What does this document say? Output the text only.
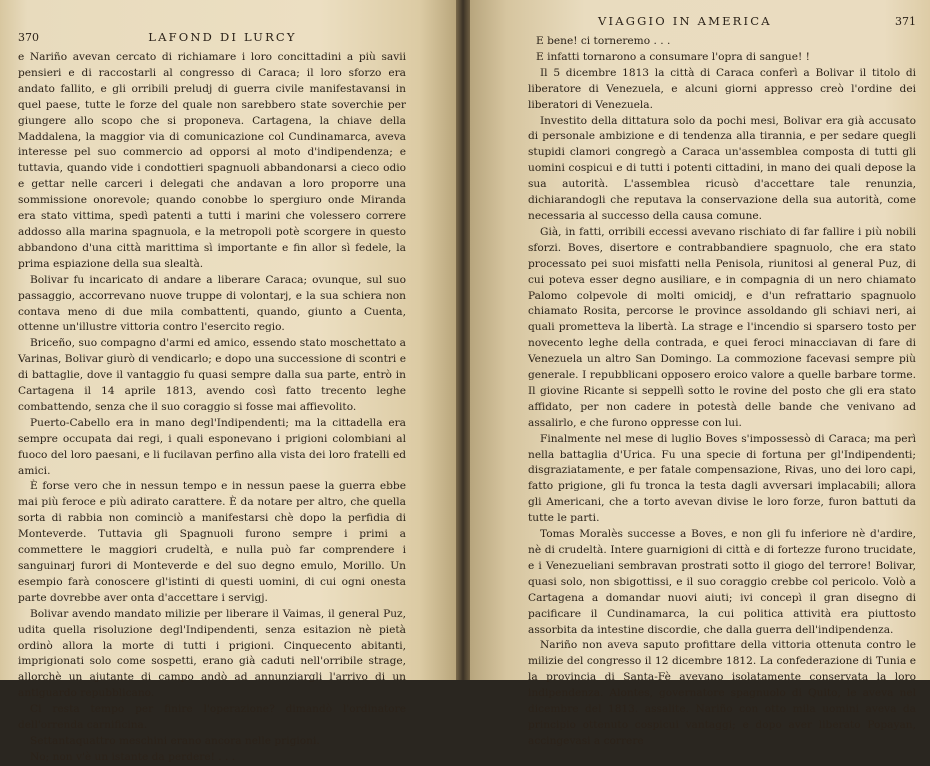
370	LAFOND DI LURCY

e Nariño avevan cercato di richiamare i loro concittadini a più savii pensieri e di raccostarli al congresso di Caraca; il loro sforzo era andato fallito, e gli orribili preludj di guerra civile manifestavansi in quel paese, tutte le forze del quale non sarebbero state soverchie per giungere allo scopo che si proponeva. Cartagena, la chiave della Maddalena, la maggior via di comunicazione col Cundinamarca, aveva interesse pel suo commercio ad opporsi al moto d'indipendenza; e tuttavia, quando vide i condottieri spagnuoli abbandonarsi a cieco odio e gettar nelle carceri i delegati che andavan a loro proporre una sommissione onorevole; quando conobbe lo spergiuro onde Miranda era stato vittima, spedì patenti a tutti i marini che volessero correre addosso alla marina spagnuola, e la metropoli potè scorgere in questo abbandono d'una città marittima sì importante e fin allor sì fedele, la prima espiazione della sua slealtà.

Bolivar fu incaricato di andare a liberare Caraca; ovunque, sul suo passaggio, accorrevano nuove truppe di volontarj, e la sua schiera non contava meno di due mila combattenti, quando, giunto a Cuenta, ottenne un'illustre vittoria contro l'esercito regio.

Briceño, suo compagno d'armi ed amico, essendo stato moschettato a Varinas, Bolivar giurò di vendicarlo; e dopo una successione di scontri e di battaglie, dove il vantaggio fu quasi sempre dalla sua parte, entrò in Cartagena il 14 aprile 1813, avendo così fatto trecento leghe combattendo, senza che il suo coraggio si fosse mai affievolito.

Puerto-Cabello era in mano degl'Indipendenti; ma la cittadella era sempre occupata dai regi, i quali esponevano i prigioni colombiani al fuoco del loro paesani, e li fucilavan perfino alla vista dei loro fratelli ed amici.

È forse vero che in nessun tempo e in nessun paese la guerra ebbe mai più feroce e più adirato carattere. È da notare per altro, che quella sorta di rabbia non cominciò a manifestarsi chè dopo la perfidia di Monteverde. Tuttavia gli Spagnuoli furono sempre i primi a commettere le maggiori crudeltà, e nulla può far comprendere i sanguinarj furori di Monteverde e del suo degno emulo, Morillo. Un esempio farà conoscere gl'istinti di questi uomini, di cui ogni onesta parte dovrebbe aver onta d'accettare i servigj.

Bolivar avendo mandato milizie per liberare il Vaimas, il general Puz, udita quella risoluzione degl'Indipendenti, senza esitazion nè pietà ordinò allora la morte di tutti i prigioni. Cinquecento abitanti, imprigionati solo come sospetti, erano già caduti nell'orribile strage, allorchè un ajutante di campo andò ad annunziargli l'arrivo di un antiguardo repubblicano.

Ci resta tempo per finire l'operazione? dimandò l'ordinatore dell'orrenda carnificina.

Settantaquattro meschini erano ancora nelle prigioni.

No; non v'è un istante da perdere! . . .

VIAGGIO IN AMERICA	371

E bene! ci torneremo . . .

E infatti tornarono a consumare l'opra di sangue! !

Il 5 dicembre 1813 la città di Caraca conferì a Bolivar il titolo di liberatore di Venezuela, e alcuni giorni appresso creò l'ordine dei liberatori di Venezuela.

Investito della dittatura solo da pochi mesi, Bolivar era già accusato di personale ambizione e di tendenza alla tirannia, e per sedare quegli stupidi clamori congregò a Caraca un'assemblea composta di tutti gli uomini cospicui e di tutti i potenti cittadini, in mano dei quali depose la sua autorità. L'assemblea ricusò d'accettare tale renunzia, dichiarandogli che reputava la conservazione della sua autorità, come necessaria al successo della causa comune.

Già, in fatti, orribili eccessi avevano rischiato di far fallire i più nobili sforzi. Boves, disertore e contrabbandiere spagnuolo, che era stato processato pei suoi misfatti nella Penisola, riunitosi al general Puz, di cui poteva esser degno ausiliare, e in compagnia di un nero chiamato Palomo colpevole di molti omicidj, e d'un refrattario spagnuolo chiamato Rosita, percorse le province assoldando gli schiavi neri, ai quali prometteva la libertà. La strage e l'incendio si sparsero tosto per novecento leghe della contrada, e quei feroci minacciavan di fare di Venezuela un altro San Domingo. La commozione facevasi sempre più generale. I repubblicani opposero eroico valore a quelle barbare torme. Il giovine Ricante si seppellì sotto le rovine del posto che gli era stato affidato, per non cadere in potestà delle bande che venivano ad assalirlo, e che furono oppresse con lui.

Finalmente nel mese di luglio Boves s'impossessò di Caraca; ma perì nella battaglia d'Urica. Fu una specie di fortuna per gl'Indipendenti; disgraziatamente, e per fatale compensazione, Rivas, uno dei loro capi, fatto prigione, gli fu tronca la testa dagli avversari implacabili; allora gli Americani, che a torto avevan divise le loro forze, furon battuti da tutte le parti.

Tomas Moralès successe a Boves, e non gli fu inferiore nè d'ardire, nè di crudeltà. Intere guarnigioni di città e di fortezze furono trucidate, e i Venezueliani sembravan prostrati sotto il giogo del terrore! Bolivar, quasi solo, non sbigottissi, e il suo coraggio crebbe col pericolo. Volò a Cartagena a domandar nuovi aiuti; ivi concepì il gran disegno di pacificare il Cundinamarca, la cui politica attività era piuttosto assorbita da intestine discordie, che dalla guerra dell'indipendenza.

Nariño non aveva saputo profittare della vittoria ottenuta contro le milizie del congresso il 12 dicembre 1812. La confederazione di Tunia e la provincia di Santa-Fè avevano isolatamente conservata la loro indipendenza. Alontes, governatore spagnuolo di Quito, le aveva nel dicembre del 1813. assalite. Nariño con otto mila uomini aveva da principio ottenuto cospicui vantaggi; e dopo aver liberato Popayan, accingevasi a correre
